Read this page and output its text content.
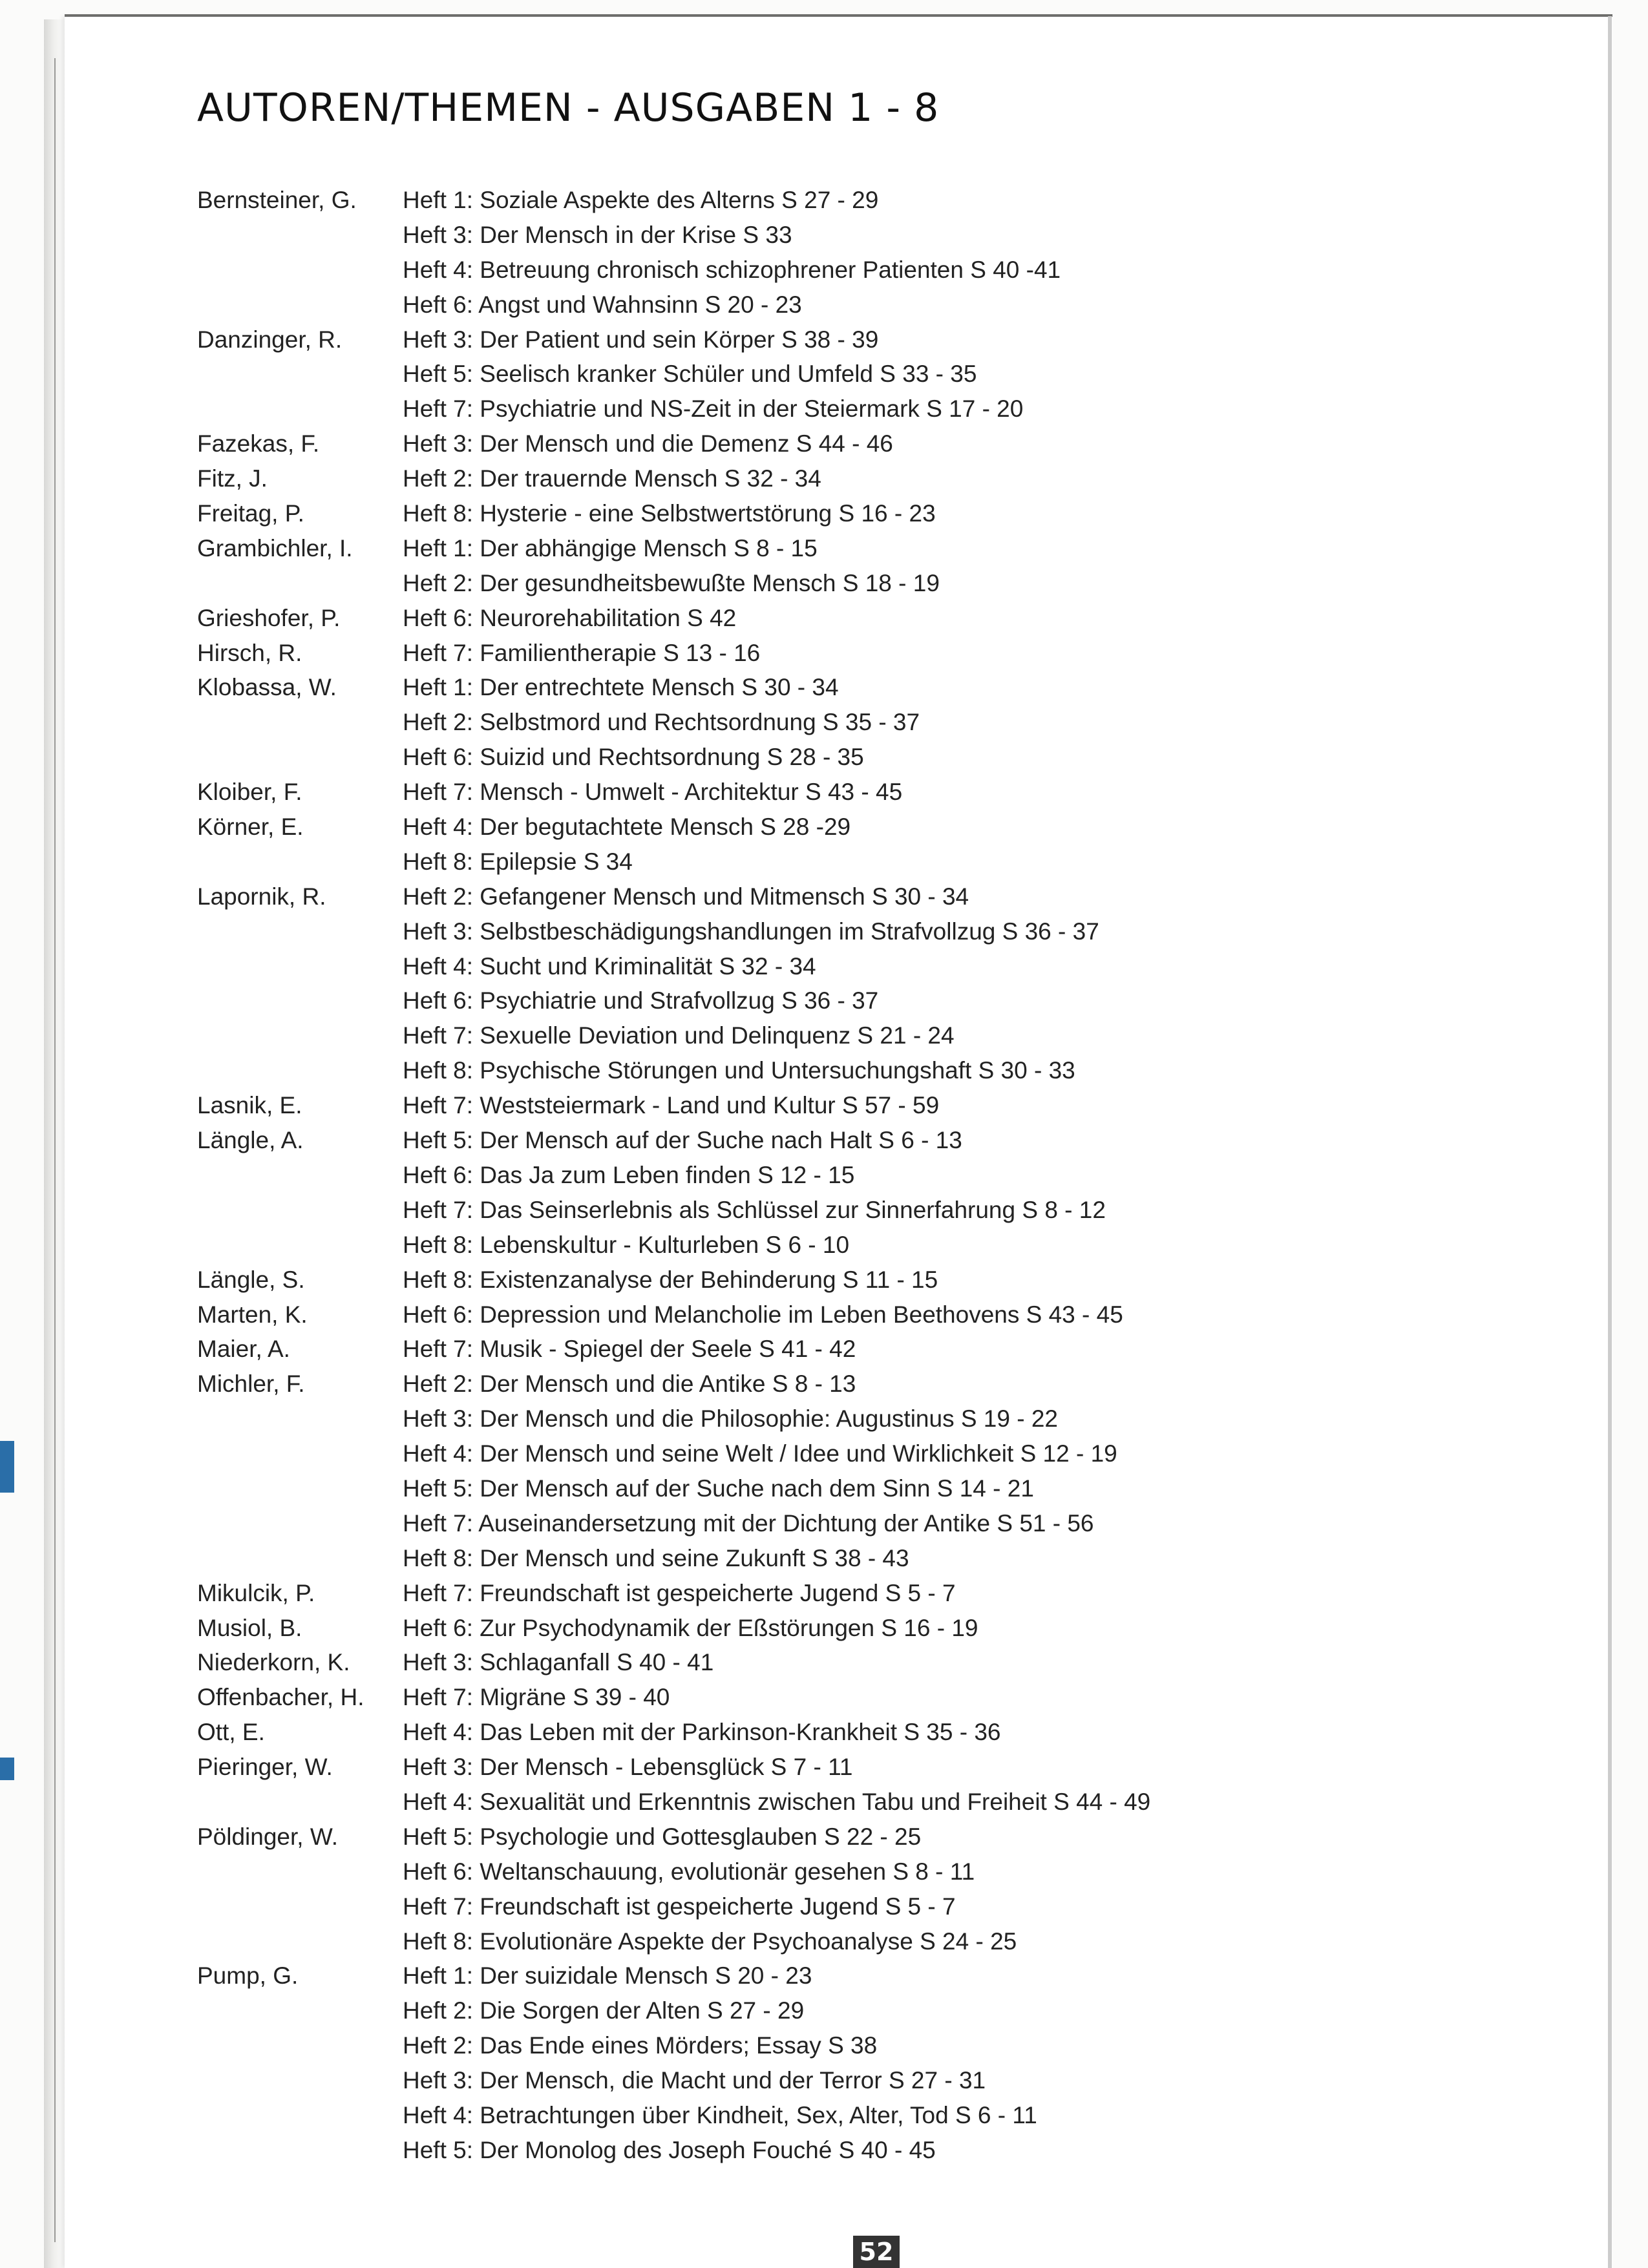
AUTOREN/THEMEN - AUSGABEN 1 - 8
Bernsteiner, G.	Heft 1: Soziale Aspekte des Alterns S 27 - 29
Heft 3: Der Mensch in der Krise S 33
Heft 4: Betreuung chronisch schizophrener Patienten S 40 -41
Heft 6: Angst und Wahnsinn S 20 - 23
Danzinger, R.	Heft 3: Der Patient und sein Körper S 38 - 39
Heft 5: Seelisch kranker Schüler und Umfeld S 33 - 35
Heft 7: Psychiatrie und NS-Zeit in der Steiermark S 17 - 20
Fazekas, F.	Heft 3: Der Mensch und die Demenz S 44 - 46
Fitz, J.	Heft 2: Der trauernde Mensch S 32 - 34
Freitag, P.	Heft 8: Hysterie - eine Selbstwertstörung S 16 - 23
Grambichler, I.	Heft 1: Der abhängige Mensch S 8 - 15
Heft 2: Der gesundheitsbewußte Mensch S 18 - 19
Grieshofer, P.	Heft 6: Neurorehabilitation S 42
Hirsch, R.	Heft 7: Familientherapie S 13 - 16
Klobassa, W.	Heft 1: Der entrechtete Mensch S 30 - 34
Heft 2: Selbstmord und Rechtsordnung S 35 - 37
Heft 6: Suizid und Rechtsordnung S 28 - 35
Kloiber, F.	Heft 7: Mensch - Umwelt - Architektur S 43 - 45
Körner, E.	Heft 4: Der begutachtete Mensch S 28 -29
Heft 8: Epilepsie S 34
Lapornik, R.	Heft 2: Gefangener Mensch und Mitmensch S 30 - 34
Heft 3: Selbstbeschädigungshandlungen im Strafvollzug S 36 - 37
Heft 4: Sucht und Kriminalität S 32 - 34
Heft 6: Psychiatrie und Strafvollzug S 36 - 37
Heft 7: Sexuelle Deviation und Delinquenz S 21 - 24
Heft 8: Psychische Störungen und Untersuchungshaft S 30 - 33
Lasnik, E.	Heft 7: Weststeiermark - Land und Kultur S 57 - 59
Längle, A.	Heft 5: Der Mensch auf der Suche nach Halt S 6 - 13
Heft 6: Das Ja zum Leben finden S 12 - 15
Heft 7: Das Seinserlebnis als Schlüssel zur Sinnerfahrung S 8 - 12
Heft 8: Lebenskultur - Kulturleben S 6 - 10
Längle, S.	Heft 8: Existenzanalyse der Behinderung S 11 - 15
Marten, K.	Heft 6: Depression und Melancholie im Leben Beethovens S 43 - 45
Maier, A.	Heft 7: Musik - Spiegel der Seele S 41 - 42
Michler, F.	Heft 2: Der Mensch und die Antike S 8 - 13
Heft 3: Der Mensch und die Philosophie: Augustinus S 19 - 22
Heft 4: Der Mensch und seine Welt / Idee und Wirklichkeit S 12 - 19
Heft 5: Der Mensch auf der Suche nach dem Sinn S 14 - 21
Heft 7: Auseinandersetzung mit der Dichtung der Antike S 51 - 56
Heft 8: Der Mensch und seine Zukunft S 38 - 43
Mikulcik, P.	Heft 7: Freundschaft ist gespeicherte Jugend S 5 - 7
Musiol, B.	Heft 6: Zur Psychodynamik der Eßstörungen S 16 - 19
Niederkorn, K.	Heft 3: Schlaganfall S 40 - 41
Offenbacher, H.	Heft 7: Migräne S 39 - 40
Ott, E.	Heft 4: Das Leben mit der Parkinson-Krankheit S 35 - 36
Pieringer, W.	Heft 3: Der Mensch - Lebensglück S 7 - 11
Heft 4: Sexualität und Erkenntnis zwischen Tabu und Freiheit S 44 - 49
Pöldinger, W.	Heft 5: Psychologie und Gottesglauben S 22 - 25
Heft 6: Weltanschauung, evolutionär gesehen S 8 - 11
Heft 7: Freundschaft ist gespeicherte Jugend S 5 - 7
Heft 8: Evolutionäre Aspekte der Psychoanalyse S 24 - 25
Pump, G.	Heft 1: Der suizidale Mensch S 20 - 23
Heft 2: Die Sorgen der Alten S 27 - 29
Heft 2: Das Ende eines Mörders; Essay S 38
Heft 3: Der Mensch, die Macht und der Terror S 27 - 31
Heft 4: Betrachtungen über Kindheit, Sex, Alter, Tod S 6 - 11
Heft 5: Der Monolog des Joseph Fouché S 40 - 45
52
